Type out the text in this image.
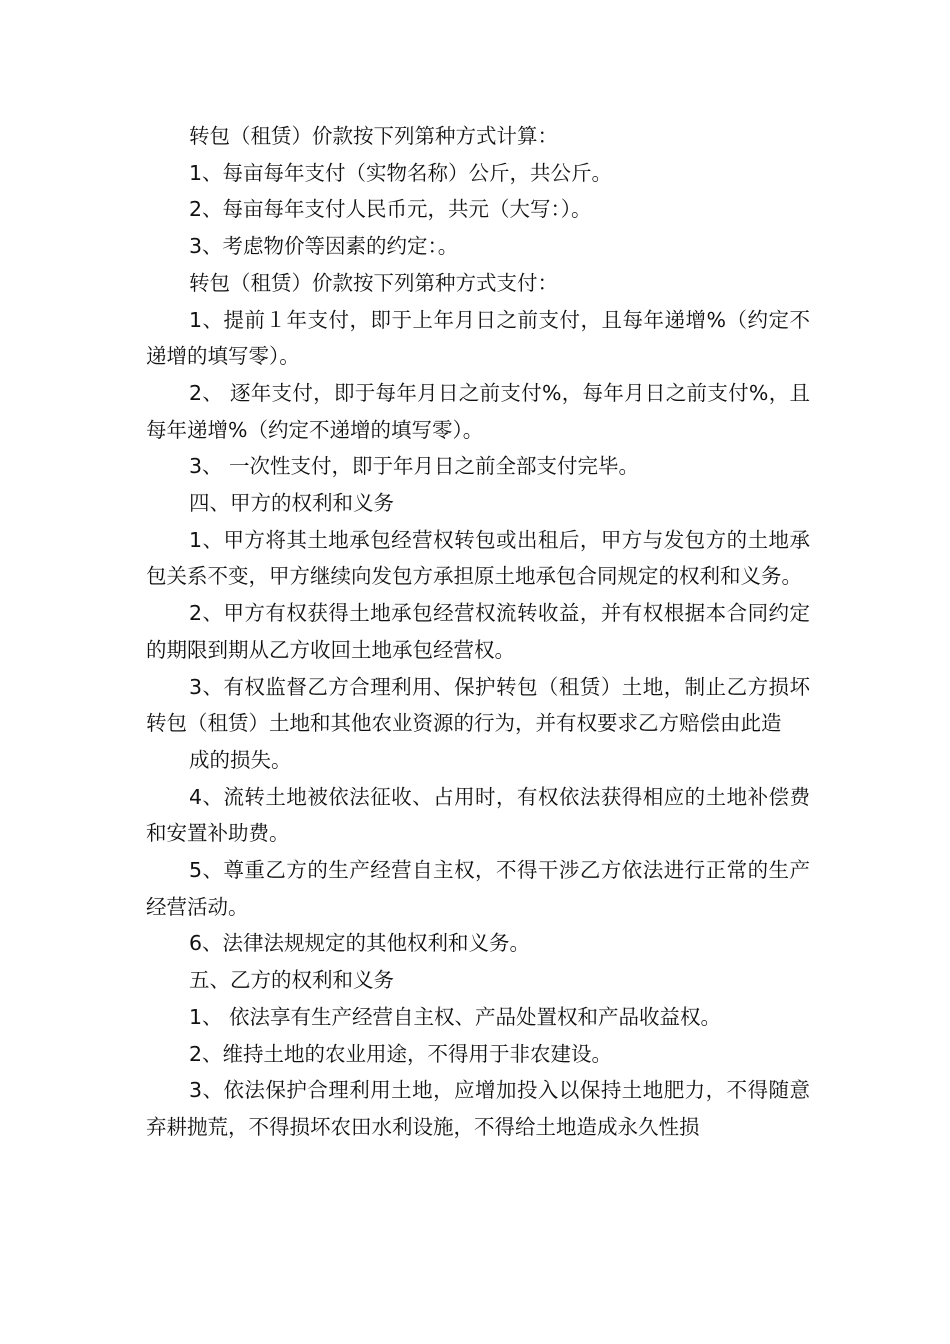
转包（租赁）价款按下列第种方式计算：

1、每亩每年支付（实物名称）公斤，共公斤。

2、每亩每年支付人民币元，共元（大写：）。

3、考虑物价等因素的约定：。

转包（租赁）价款按下列第种方式支付：

1、提前１年支付，即于上年月日之前支付，且每年递增%（约定不递增的填写零）。

2、 逐年支付，即于每年月日之前支付%，每年月日之前支付%，且每年递增%（约定不递增的填写零）。

3、 一次性支付，即于年月日之前全部支付完毕。

四、甲方的权利和义务

1、甲方将其土地承包经营权转包或出租后，甲方与发包方的土地承包关系不变，甲方继续向发包方承担原土地承包合同规定的权利和义务。

2、甲方有权获得土地承包经营权流转收益，并有权根据本合同约定的期限到期从乙方收回土地承包经营权。

3、有权监督乙方合理利用、保护转包（租赁）土地，制止乙方损坏转包（租赁）土地和其他农业资源的行为，并有权要求乙方赔偿由此造

成的损失。

4、流转土地被依法征收、占用时，有权依法获得相应的土地补偿费和安置补助费。

5、尊重乙方的生产经营自主权，不得干涉乙方依法进行正常的生产经营活动。

6、法律法规规定的其他权利和义务。

五、乙方的权利和义务

1、 依法享有生产经营自主权、产品处置权和产品收益权。

2、维持土地的农业用途，不得用于非农建设。

3、依法保护合理利用土地，应增加投入以保持土地肥力，不得随意弃耕抛荒，不得损坏农田水利设施，不得给土地造成永久性损
